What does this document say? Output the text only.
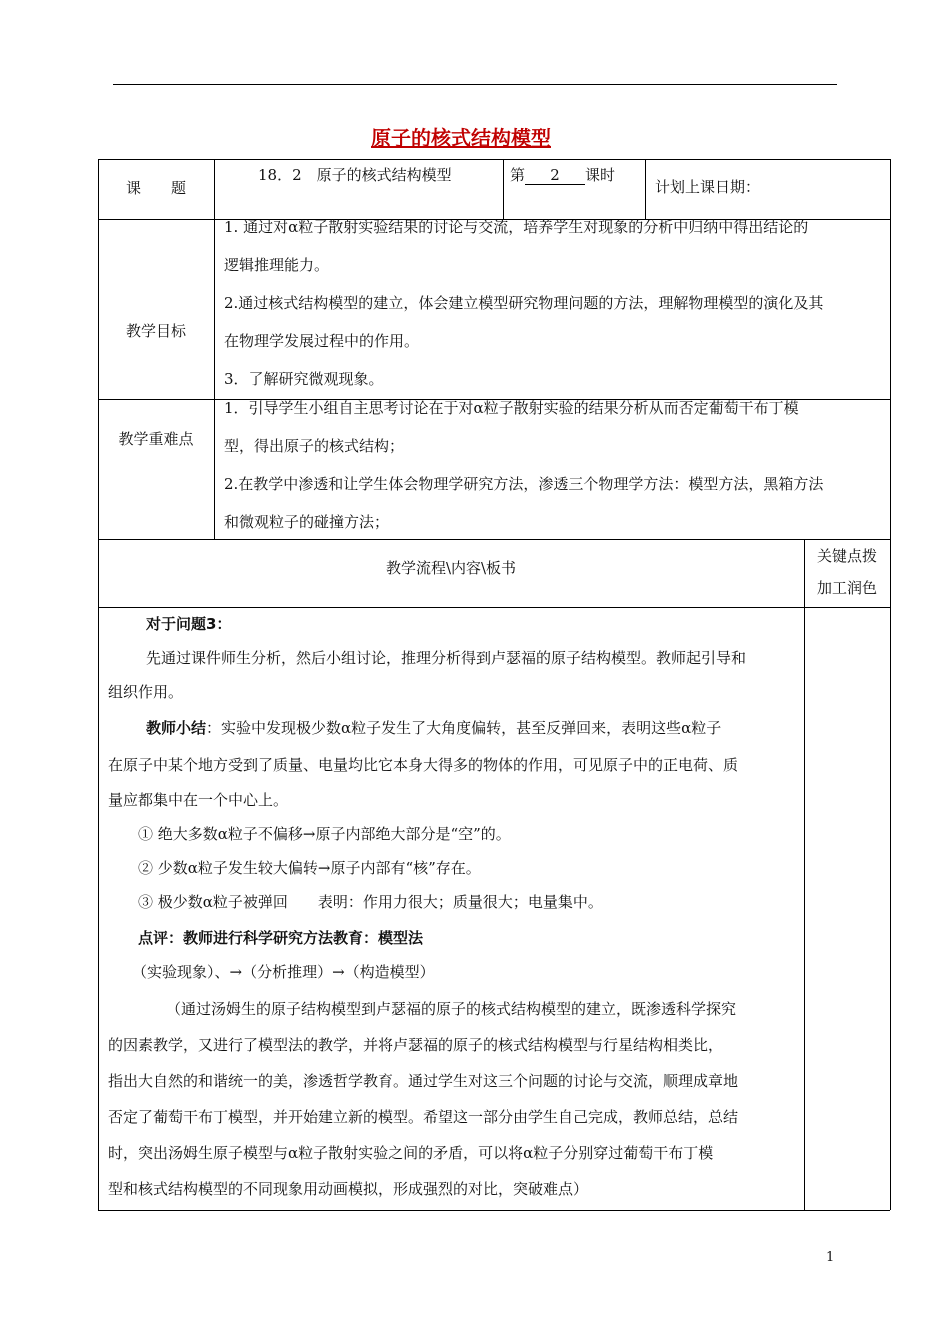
原子的核式结构模型
课　　题
18．2　原子的核式结构模型	第 2 课时
计划上课日期：
教学目标

1. 通过对α粒子散射实验结果的讨论与交流，培养学生对现象的分析中归纳中得出结论的

逻辑推理能力。

2.通过核式结构模型的建立，体会建立模型研究物理问题的方法，理解物理模型的演化及其

在物理学发展过程中的作用。

3．了解研究微观现象。

教学重难点

1．引导学生小组自主思考讨论在于对α粒子散射实验的结果分析从而否定葡萄干布丁模

型，得出原子的核式结构；

2.在教学中渗透和让学生体会物理学研究方法，渗透三个物理学方法：模型方法，黑箱方法

和微观粒子的碰撞方法；

教学流程\内容\板书
关键点拨
加工润色

对于问题3：

先通过课件师生分析，然后小组讨论，推理分析得到卢瑟福的原子结构模型。教师起引导和

组织作用。

教师小结：实验中发现极少数α粒子发生了大角度偏转，甚至反弹回来，表明这些α粒子

在原子中某个地方受到了质量、电量均比它本身大得多的物体的作用，可见原子中的正电荷、质

量应都集中在一个中心上。

① 绝大多数α粒子不偏移→原子内部绝大部分是“空”的。

② 少数α粒子发生较大偏转→原子内部有“核”存在。

③ 极少数α粒子被弹回　　表明：作用力很大；质量很大；电量集中。

点评：教师进行科学研究方法教育：模型法

（实验现象）、→（分析推理）→（构造模型）

（通过汤姆生的原子结构模型到卢瑟福的原子的核式结构模型的建立，既渗透科学探究

的因素教学，又进行了模型法的教学，并将卢瑟福的原子的核式结构模型与行星结构相类比，

指出大自然的和谐统一的美，渗透哲学教育。通过学生对这三个问题的讨论与交流，顺理成章地

否定了葡萄干布丁模型，并开始建立新的模型。希望这一部分由学生自己完成，教师总结，总结

时，突出汤姆生原子模型与α粒子散射实验之间的矛盾，可以将α粒子分别穿过葡萄干布丁模

型和核式结构模型的不同现象用动画模拟，形成强烈的对比，突破难点）

1
